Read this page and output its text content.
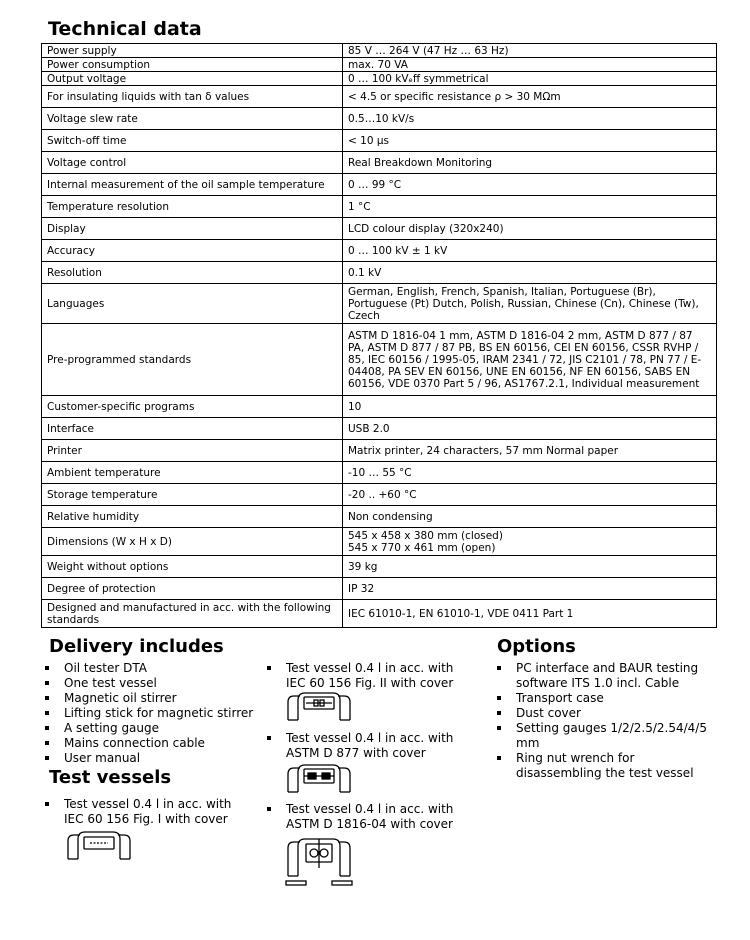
Technical data
Power supply	85 V … 264 V (47 Hz … 63 Hz)
Power consumption	max. 70 VA
Output voltage	0 … 100 kVₑff symmetrical
For insulating liquids with tan δ values	< 4.5 or specific resistance ρ > 30 MΩm
Voltage slew rate	0.5…10 kV/s
Switch-off time	< 10 µs
Voltage control	Real Breakdown Monitoring
Internal measurement of the oil sample temperature	0 … 99 °C
Temperature resolution	1 °C
Display	LCD colour display (320x240)
Accuracy	0 … 100 kV ± 1 kV
Resolution	0.1 kV
Languages	German, English, French, Spanish, Italian, Portuguese (Br), Portuguese (Pt) Dutch, Polish, Russian, Chinese (Cn), Chinese (Tw), Czech
Pre-programmed standards	ASTM D 1816-04 1 mm, ASTM D 1816-04 2 mm, ASTM D 877 / 87 PA, ASTM D 877 / 87 PB, BS EN 60156, CEI EN 60156, CSSR RVHP / 85, IEC 60156 / 1995-05, IRAM 2341 / 72, JIS C2101 / 78, PN 77 / E-04408, PA SEV EN 60156, UNE EN 60156, NF EN 60156, SABS EN 60156, VDE 0370 Part 5 / 96, AS1767.2.1, Individual measurement
Customer-specific programs	10
Interface	USB 2.0
Printer	Matrix printer, 24 characters, 57 mm Normal paper
Ambient temperature	-10 … 55 °C
Storage temperature	-20 .. +60 °C
Relative humidity	Non condensing
Dimensions (W x H x D)	545 x 458 x 380 mm (closed)
545 x 770 x 461 mm (open)
Weight without options	39 kg
Degree of protection	IP 32
Designed and manufactured in acc. with the following standards	IEC 61010-1, EN 61010-1, VDE 0411 Part 1
Delivery includes
Oil tester DTA
One test vessel
Magnetic oil stirrer
Lifting stick for magnetic stirrer
A setting gauge
Mains connection cable
User manual
Test vessels
Test vessel 0.4 l in acc. with IEC 60 156 Fig. I with cover
Test vessel 0.4 l in acc. with IEC 60 156 Fig. II with cover
Test vessel 0.4 l in acc. with ASTM D 877 with cover
Test vessel 0.4 l in acc. with ASTM D 1816-04 with cover
Options
PC interface and BAUR testing software ITS 1.0 incl. Cable
Transport case
Dust cover
Setting gauges 1/2/2.5/2.54/4/5 mm
Ring nut wrench for disassembling the test vessel
